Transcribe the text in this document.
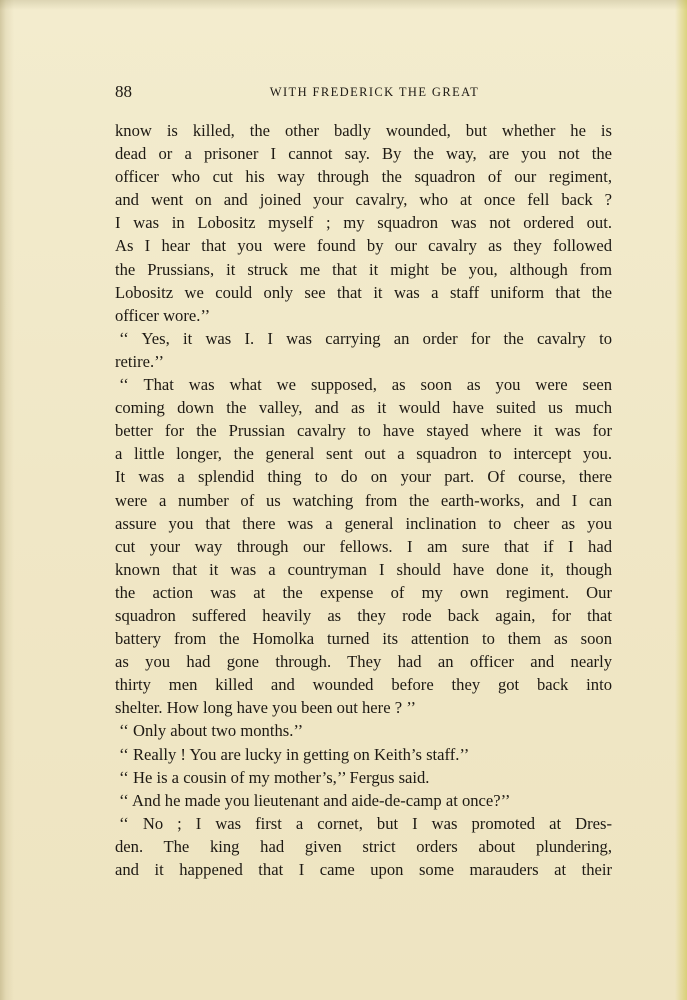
88	WITH FREDERICK THE GREAT
know is killed, the other badly wounded, but whether he is
dead or a prisoner I cannot say. By the way, are you not the
officer who cut his way through the squadron of our regiment,
and went on and joined your cavalry, who at once fell back ?
I was in Lobositz myself ; my squadron was not ordered out.
As I hear that you were found by our cavalry as they followed
the Prussians, it struck me that it might be you, although from
Lobositz we could only see that it was a staff uniform that the
officer wore.’’
‘‘ Yes, it was I. I was carrying an order for the cavalry to
retire.’’
‘‘ That was what we supposed, as soon as you were seen
coming down the valley, and as it would have suited us much
better for the Prussian cavalry to have stayed where it was for
a little longer, the general sent out a squadron to intercept you.
It was a splendid thing to do on your part. Of course, there
were a number of us watching from the earth-works, and I can
assure you that there was a general inclination to cheer as you
cut your way through our fellows. I am sure that if I had
known that it was a countryman I should have done it, though
the action was at the expense of my own regiment. Our
squadron suffered heavily as they rode back again, for that
battery from the Homolka turned its attention to them as soon
as you had gone through. They had an officer and nearly
thirty men killed and wounded before they got back into
shelter. How long have you been out here ? ’’
‘‘ Only about two months.’’
‘‘ Really ! You are lucky in getting on Keith’s staff.’’
‘‘ He is a cousin of my mother’s,’’ Fergus said.
‘‘ And he made you lieutenant and aide-de-camp at once?’’
‘‘ No ; I was first a cornet, but I was promoted at Dres-
den. The king had given strict orders about plundering,
and it happened that I came upon some marauders at their
